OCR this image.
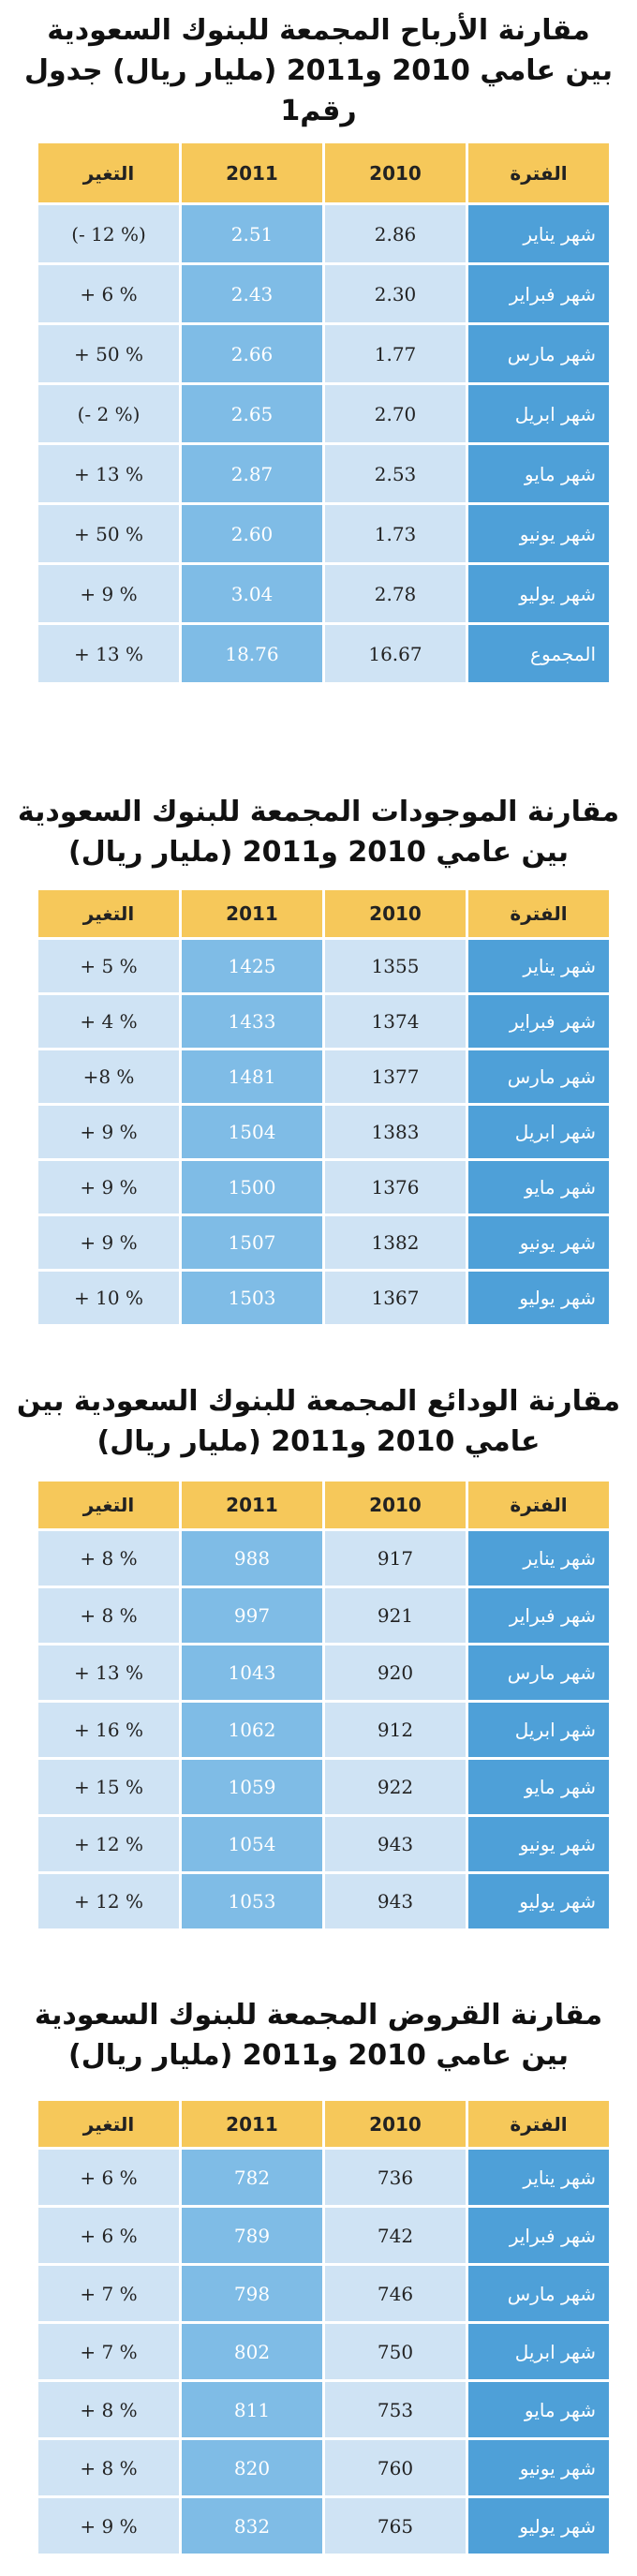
مقارنة الأرباح المجمعة للبنوك السعودية
بين عامي 2010 و2011 (مليار ريال) جدول رقم1
الفترة	2010	2011	التغير
شهر يناير	2.86	2.51	(- 12 %)
شهر فبراير	2.30	2.43	+ 6 %
شهر مارس	1.77	2.66	+ 50 %
شهر ابريل	2.70	2.65	(- 2 %)
شهر مايو	2.53	2.87	+ 13 %
شهر يونيو	1.73	2.60	+ 50 %
شهر يوليو	2.78	3.04	+ 9 %
المجموع	16.67	18.76	+ 13 %
مقارنة الموجودات المجمعة للبنوك السعودية
بين عامي 2010 و2011 (مليار ريال)
الفترة	2010	2011	التغير
شهر يناير	1355	1425	+ 5 %
شهر فبراير	1374	1433	+ 4 %
شهر مارس	1377	1481	+8 %
شهر ابريل	1383	1504	+ 9 %
شهر مايو	1376	1500	+ 9 %
شهر يونيو	1382	1507	+ 9 %
شهر يوليو	1367	1503	+ 10 %
مقارنة الودائع المجمعة للبنوك السعودية بين
عامي 2010 و2011 (مليار ريال)
الفترة	2010	2011	التغير
شهر يناير	917	988	+ 8 %
شهر فبراير	921	997	+ 8 %
شهر مارس	920	1043	+ 13 %
شهر ابريل	912	1062	+ 16 %
شهر مايو	922	1059	+ 15 %
شهر يونيو	943	1054	+ 12 %
شهر يوليو	943	1053	+ 12 %
مقارنة القروض المجمعة للبنوك السعودية
بين عامي 2010 و2011 (مليار ريال)
الفترة	2010	2011	التغير
شهر يناير	736	782	+ 6 %
شهر فبراير	742	789	+ 6 %
شهر مارس	746	798	+ 7 %
شهر ابريل	750	802	+ 7 %
شهر مايو	753	811	+ 8 %
شهر يونيو	760	820	+ 8 %
شهر يوليو	765	832	+ 9 %
